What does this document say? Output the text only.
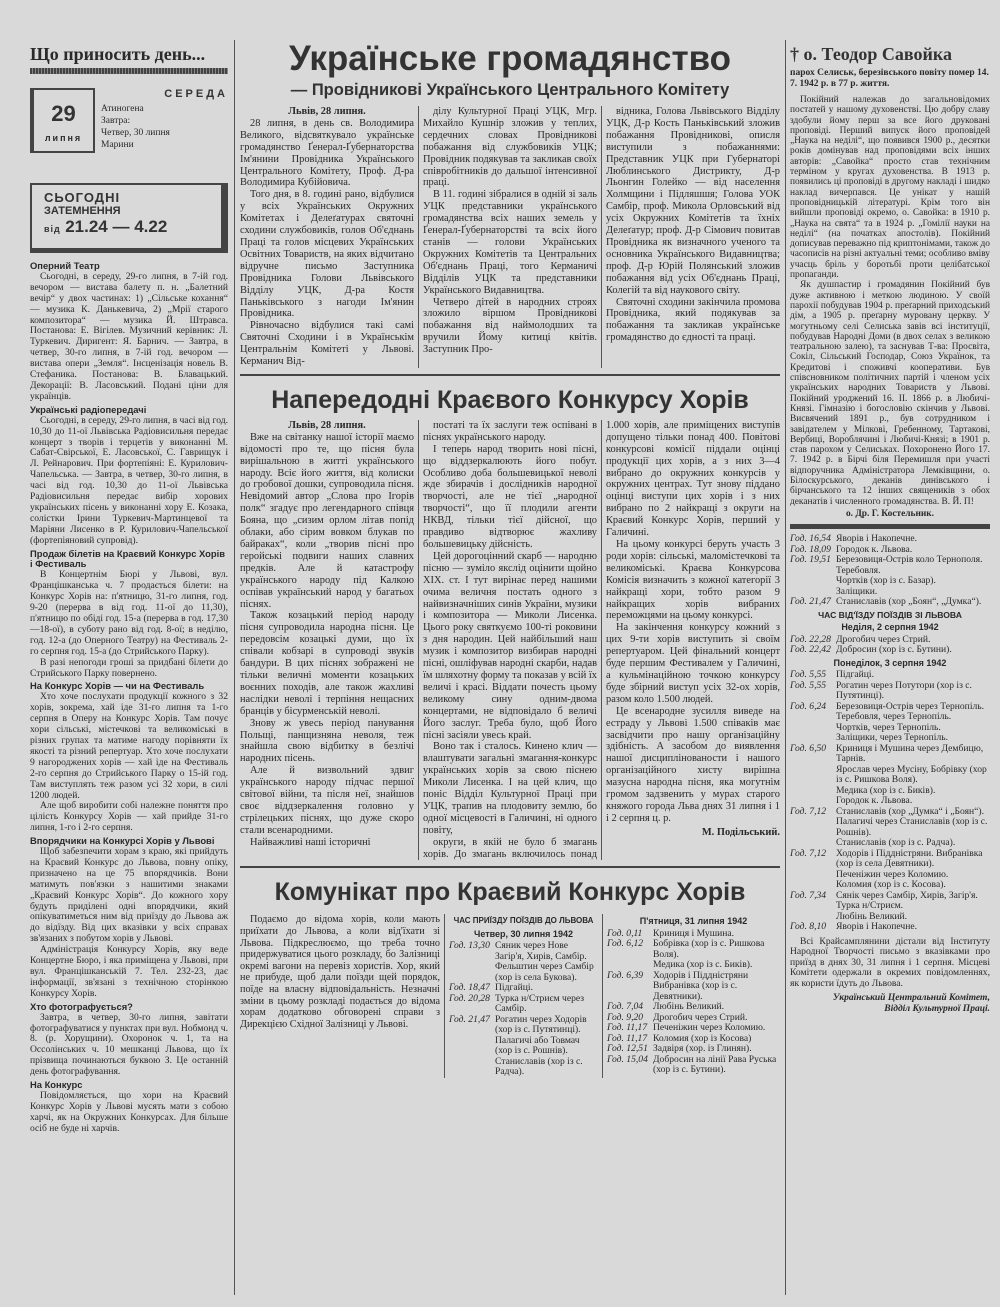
Що приносить день...
29
липня
СЕРЕДА
Атиногена
Завтра:
Четвер, 30 липня
Марини
СЬОГОДНІ
ЗАТЕМНЕННЯ
від 21.24 — 4.22
Оперний Театр

Сьогодні, в середу, 29-го липня, в 7-ій год. вечором — вистава балету п. н. „Балетний вечір“ у двох частинах: 1) „Сільське кохання“ — музика К. Данькевича, 2) „Мрії старого композитора“ — музика Й. Штравса. Постанова: Е. Вігілев. Музичний керівник: Л. Туркевич. Диригент: Я. Барнич. — Завтра, в четвер, 30-го липня, в 7-ій год. вечором — вистава опери „Земля“. Інсценізація новель В. Стефаника. Постанова: В. Блавацький. Декорації: В. Ласовський. Подані ціни для українців.

Українські радіопередачі

Сьогодні, в середу, 29-го липня, в часі від год. 10,30 до 11-ої Львівська Радіовисильня передає концерт з творів і терцетів у виконанні М. Сабат-Свірської, Е. Ласовської, С. Гаврищук і Л. Рейнарович. При фортепіяні: Е. Курилович-Чапельська. — Завтра, в четвер, 30-го липня, в часі від год. 10,30 до 11-ої Львівська Радіовисильня передає вибір хорових українських пісень у виконанні хору Е. Козака, солістки Ірини Туркевич-Мартинцевої та Маріяни Лисенко в Р. Курилович-Чапельської (фортепіяновий супровід).

Продаж білетів на Краєвий Конкурс Хорів і Фестиваль

В Концертнім Бюрі у Львові, вул. Францішканська ч. 7 продається білети: на Конкурс Хорів на: п'ятницю, 31-го липня, год. 9-20 (перерва в від год. 11-ої до 11,30), п'ятницю по обіді год. 15-а (перерва в год. 17,30—18-ої), в суботу рано від год. 8-ої; в неділю, год. 12-а (до Оперного Театру) на Фестиваль 2-го серпня год. 15-а (до Стрийського Парку).

В разі непогоди гроші за придбані білети до Стрийського Парку повернено.

На Конкурс Хорів — чи на Фестиваль

Хто хоче послухати продукції кожного з 32 хорів, зокрема, хай іде 31-го липня та 1-го серпня в Оперу на Конкурс Хорів. Там почує хори сільські, містечкові та великоміські в різних групах та матиме нагоду порівняти їх якості та різний репертуар. Хто хоче послухати 9 нагороджених хорів — хай іде на Фестиваль 2-го серпня до Стрийського Парку о 15-ій год. Там виступлять теж разом усі 32 хори, в силі 1200 людей.

Але щоб виробити собі належне поняття про цілість Конкурсу Хорів — хай прийде 31-го липня, 1-го і 2-го серпня.

Впорядчики на Конкурсі Хорів у Львові

Щоб забезпечити хорам з краю, які прийдуть на Краєвий Конкурс до Львова, повну опіку, призначено на це 75 впорядчиків. Вони матимуть пов'язки з нашитими знаками „Краєвий Конкурс Хорів“. До кожного хору будуть приділені одні впорядчики, який опікуватиметься ним від приїзду до Львова аж до відїзду. Від цих вказівки у всіх справах зв'язаних з побутом хорів у Львові.

Адміністрація Конкурсу Хорів, яку веде Концертне Бюро, і яка приміщена у Львові, при вул. Францішканській 7. Тел. 232-23, дає інформації, зв'язані з технічною сторінкою Конкурсу Хорів.

Хто фотографується?

Завтра, в четвер, 30-го липня, завітати фотографуватися у пунктах при вул. Нобмонд ч. 8. (р. Хорущини). Охоронок ч. 1, та на Оссолінських ч. 10 мешканці Львова, що їх прізвища починаються буквою З. Це останній день фотографування.

На Конкурс

Повідомляється, що хори на Краєвий Конкурс Хорів у Львові мусять мати з собою харчі, як на Окружних Конкурсах. Для більше осіб не буде ні харчів.

Українське громадянство
— Провідникові Українського Центрального Комітету

Львів, 28 липня.

28 липня, в день св. Володимира Великого, відсвяткувало українське громадянство Ґенерал-Ґубернаторства Ім'янини Провідника Українського Центрального Комітету, Проф. Д-ра Володимира Кубійовича.

Того дня, в 8. годині рано, відбулися у всіх Українських Окружних Комітетах і Делеґатурах святочні сходини службовиків, голов Об'єднань Праці та голов місцевих Українських Освітних Товариств, на яких відчитано відручне письмо Заступника Провідника Голови Львівського Відділу УЦК, Д-ра Костя Паньківського з нагоди Ім'янин Провідника.

Рівночасно відбулися такі самі Святочні Сходини і в Українськім Центральнім Комітеті у Львові. Керманич Від-

ділу Культурної Праці УЦК, Мгр. Михайло Кушнір зложив у теплих, сердечних словах Провідникові побажання від службовиків УЦК; Провідник подякував та закликав своїх співробітників до дальшої інтенсивної праці.

В 11. годині зібралися в одній зі заль УЦК представники українського громадянства всіх наших земель у Ґенерал-Ґубернаторстві та всіх його станів — голови Українських Окружних Комітетів та Центральних Об'єднань Праці, того Керманичі Відділів УЦК та представники Українського Видавництва.

Четверо дітей в народних строях зложило віршом Провідникові побажання від наймолодших та вручили Йому китиці квітів. Заступник Про-

відника, Голова Львівського Відділу УЦК, Д-р Кость Паньківський зложив побажання Провідникові, описля виступили з побажаннями: Представник УЦК при Губернаторі Люблинського Дистрикту, Д-р Льонгин Голейко — від населення Холмщини і Підляшшя; Голова УОК Самбір, проф. Микола Орловський від усіх Окружних Комітетів та їхніх Делеґатур; проф. Д-р Сімович повитав Провідника як визначного ученого та основника Українського Видавництва; проф. Д-р Юрій Полянський зложив побажання від усіх Об'єднань Праці, Колегій та від наукового світу.

Святочні сходини закінчила промова Провідника, який подякував за побажання та закликав українське громадянство до єдності та праці.

Напередодні Краєвого Конкурсу Хорів

Львів, 28 липня.

Вже на світанку нашої історії маємо відомості про те, що пісня була вирішальною в житті українського народу. Всіє його життя, від колиски до гробової дошки, супроводила пісня. Невідомий автор „Слова про Ігорів полк“ згадує про легендарного співця Бояна, що „сизим орлом літав попід облаки, або сірим вовком блукав по байраках“, коли „творив пісні про геройські подвиги наших славних предків. Але й катастрофу українського народу під Калкою оспівав український народ у багатьох піснях.

Також козацький період народу пісня супроводила народна пісня. Це передовсім козацькі думи, що їх співали кобзарі в супроводі звуків бандури. В цих піснях зображені не тільки величні моменти козацьких воєнних походів, але також жахливі наслідки неволі і терпіння нещасних бранців у бісурменській неволі.

Знову ж увесь період панування Польщі, панщизняна неволя, теж знайшла свою відбитку в безлічі народних пісень.

Але й визвольний здвиг українського народу підчас першої світової війни, та після неї, знайшов своє віддзеркалення головно у стрілецьких піснях, що дуже скоро стали всенародними.

Найважливі наші історичні

постаті та їх заслуги теж оспівані в піснях українського народу.

І теперь народ творить нові пісні, що віддзеркалюють його побут. Особливо доба большевицької неволі жде збирачів і дослідників народної творчості, але не тієї „народної творчості“, що її плодили агенти НКВД, тільки тієї дійсної, що правдиво відтворює жахливу большевицьку дійсність.

Цей дорогоцінний скарб — народню пісню — зуміло якслід оцінити щойно XIX. ст. І тут вирінає перед нашими очима величня постать одного з найвизначніших синів України, музики і композитора — Миколи Лисенка. Цього року святкуємо 100-ті роковини з дня народин. Цей найбільший наш музик і композитор визбирав народні пісні, ошліфував народні скарби, надав їм шляхотну форму та показав у всій їх величі і красі. Віддати почесть цьому великому сину одним-двома концертами, не відповідало б величі Його заслуг. Треба було, щоб Його пісні засіяли увесь край.

Воно так і сталось. Кинено клич — влаштувати загальні змагання-конкурс українських хорів за свою піснею Миколи Лисенка. І на цей клич, що поніс Відділ Культурної Праці при УЦК, трапив на плодовиту землю, бо одної місцевості в Галичині, ні одного повіту,

округи, в якій не було б змагань хорів. До змагань включилось понад 1.000 хорів, але приміщених виступів допущено тільки понад 400. Повітові конкурсові комісії піддали оцінці продукції цих хорів, а з них 3—4 вибрано до окружних конкурсів у окружних центрах. Тут знову піддано оцінці виступи цих хорів і з них вибрано по 2 найкращі з округи на Краєвий Конкурс Хорів, перший у Галичині.

На цьому конкурсі беруть участь 3 роди хорів: сільські, маломістечкові та великоміські. Краєва Конкурсова Комісія визначить з кожної категорії 3 найкращі хори, тобто разом 9 найкращих хорів вибраних переможцями на цьому конкурсі.

На закінчення конкурсу кожний з цих 9-ти хорів виступить зі своїм репертуаром. Цей фінальний концерт буде першим Фестивалем у Галичині, а кульмінаційною точкою конкурсу буде збірний виступ усіх 32-ох хорів, разом коло 1.500 людей.

Це всенародне зусилля виведе на естраду у Львові 1.500 співаків має засвідчити про нашу організаційну здібність. А засобом до виявлення нашої дисциплінованости і нашого організаційного хисту вирішна мазусна народна пісня, яка могутнім громом задзвенить у мурах старого княжого города Льва днях 31 липня і 1 і 2 серпня ц. р.

М. Подільський.

Комунікат про Краєвий Конкурс Хорів

Подаємо до відома хорів, коли мають приїхати до Львова, а коли від'їхати зі Львова. Підкреслюємо, що треба точно придержуватися цього розкладу, бо Залізниці окремі вагони на перевіз хористів. Хор, який не прибуде, щоб дали поїзди щей порядок, поїде на власну відповідальність. Незначні зміни в цьому розкладі подається до відома хорам додатково обговорені справи з Дирекцією Східної Залізниці у Львові.

ЧАС ПРИЇЗДУ ПОЇЗДІВ ДО ЛЬВОВА
Четвер, 30 липня 1942
Год. 13,30 Сяник через Нове Загір'я, Хирів, Самбір.
Фельштин через Самбір (хор із села Букова).
Год. 18,47 Підгайці.
Год. 20,28 Турка н/Стриєм через Самбір.
Год. 21,47 Рогатин через Ходорів (хор із с. Путятинці).
Палагичі або Товмач (хор із с. Рошнів).
Станиславів (хор із с. Радча).
П'ятниця, 31 липня 1942
Год. 0,11	Криниця і Мушина.
Год. 6,12	Бобрівка (хор із с. Ришкова Воля).
Медика (хор із с. Биків).
Год. 6,39	Ходорів і Піддністряни Вибранівка (хор із с. Девятники).
Год. 7,04	Любінь Великий.
Год. 9,20	Дрогобич через Стрий.
Год. 11,17 Печеніжин через Коломию.
Год. 11,17 Коломия (хор із Косова)
Год. 12,51 Задвіря (хор. із Глинян).
Год. 15,04 Добросин на лінії Рава Руська (хор із с. Бутини).
† о. Теодор Савойка
парох Селиськ, березівського повіту помер 14. 7. 1942 р. в 77 р. життя.

Покійний належав до загальновідомих постатей у нашому духовенстві. Цю добру славу здобули йому перш за все його друковані проповіді. Перший випуск його проповідей „Наука на неділі“, що появився 1900 р., десятки років домінував над проповідями всіх інших авторів: „Савойка“ просто став технічним терміном у кругах духовенства. В 1913 р. появились ці проповіді в другому накладі і шидко наклад вичерпався. Це унікат у нашій проповідницькій літературі. Крім того він вийшли проповіді окремо, о. Савойка: в 1910 р. „Наука на свята“ та в 1924 р. „Гомілії науки на неділі“ (на початках апостолів). Покійний дописував переважно під криптонімами, також до часописів на різні актуальні теми; особливо вміву учасць бріль у боротьбі проти целібатської пропаганди.

Як душпастир і громадянин Покійний був дуже активною і меткою людиною. У своїй парохії побудував 1904 р. преґарний приходський дім, а 1905 р. преґарну муровану церкву. У могутньому селі Селиська завів всі інституції, побудував Народні Доми (в двох селах з великою театральною залею), та заснував Т-ва: Просвіта, Сокіл, Сільський Господар, Союз Українок, та Кредитові і споживчі кооперативи. Був співсновником політичних партій і членом усіх українських народних Товариств у Львові. Покійний уроджений 16. II. 1866 р. в Любичі-Князі. Гімназію і богословію скінчив у Львові. Висвячений 1891 р., був сотрудником і завідателем у Мілкові, Гребенному, Тартакові, Вербиці, Вороблячині і Любичі-Князі; в 1901 р. став парохом у Селиськах. Похоронено Його 17. 7. 1942 р. в Бірчі біля Перемишля при участі відпоручника Адміністратора Лемківщини, о. Білоскурського, деканів динівського і бірчанського та 12 інших священиків з обох деканатів і численного громадянства. В. Й. П!

о. Др. Г. Костельник.

Год. 16,54 Яворів і Накопечне.
Год. 18,09 Городок к. Львова.
Год. 19,51 Березовиця-Острів коло Тернополя.
Теребовля.
Чортків (хор із с. Базар).
Заліщики.
Год. 21,47 Станиславів (хор „Боян“, „Думка“).
ЧАС ВІД'ЇЗДУ ПОЇЗДІВ ЗІ ЛЬВОВА
Неділя, 2 серпня 1942
Год. 22,28 Дрогобич через Стрий.
Год. 22,42 Добросин (хор із с. Бутини).
Понеділок, 3 серпня 1942
Год. 5,55	Підгайці.
Год. 5,55	Рогатин через Потутори (хор із с. Путятинці).
Год. 6,24	Березовиця-Острів через Тернопіль.
Теребовля, через Тернопіль.
Чортків, через Тернопіль.
Заліщики, через Тернопіль.
Год. 6,50	Криниця і Мушина через Дембицю, Тарнів.
Ярослав через Мусіну, Бобрівку (хор із с. Ришкова Воля).
Медика (хор із с. Биків).
Городок к. Львова.
Год. 7,12	Станиславів (хор „Думка“ і „Боян“).
Палагичі через Станиславів (хор із с. Рошнів).
Станиславів (хор із с. Радча).
Год. 7,12	Ходорів і Піддністряни. Вибранівка (хор із села Девятники).
Печеніжин через Коломию.
Коломия (хор із с. Косова).
Год. 7,34	Сянік через Самбір, Хирів, Загір'я.
Турка н/Стриєм.
Любінь Великий.
Год. 8,10	Яворів і Накопечне.

Всі Крайсамплянини дістали від Інституту Народної Творчості письмо з вказівками про приїзд в днях 30, 31 липня і 1 серпня. Місцеві Комітети одержали в окремих повідомленнях, як користи їдуть до Львова.

Український Центральний Комітет,
Відділ Культурної Праці.
